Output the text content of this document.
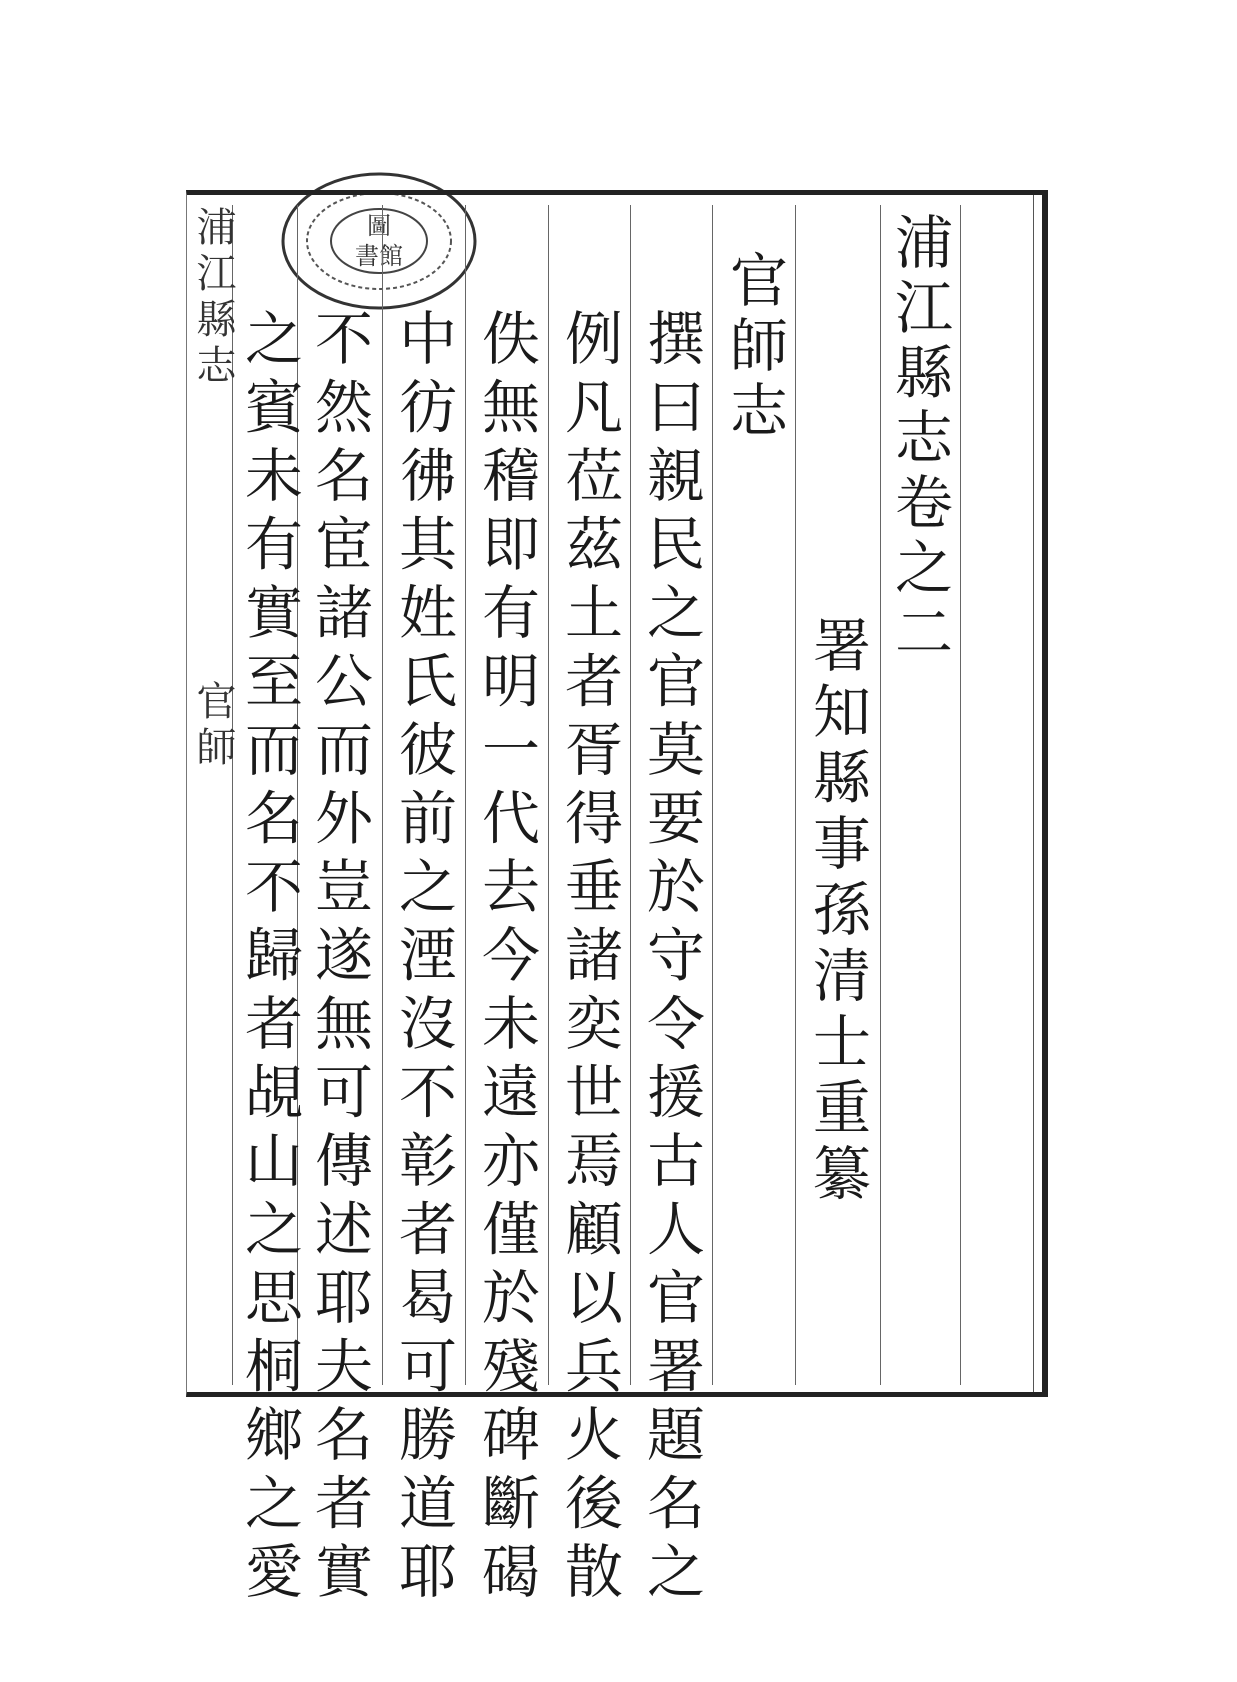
圖
書館
浦江縣志
官師
浦江縣志卷之二
署知縣事孫清士重纂
官師志
撰曰親民之官莫要於守令援古人官署題名之
例凡莅茲土者胥得垂諸奕世焉顧以兵火後散
佚無稽即有明一代去今未遠亦僅於殘碑斷碣
中彷彿其姓氏彼前之湮沒不彰者曷可勝道耶
不然名宦諸公而外豈遂無可傳述耶夫名者實
之賓未有實至而名不歸者覘山之思桐鄉之愛
